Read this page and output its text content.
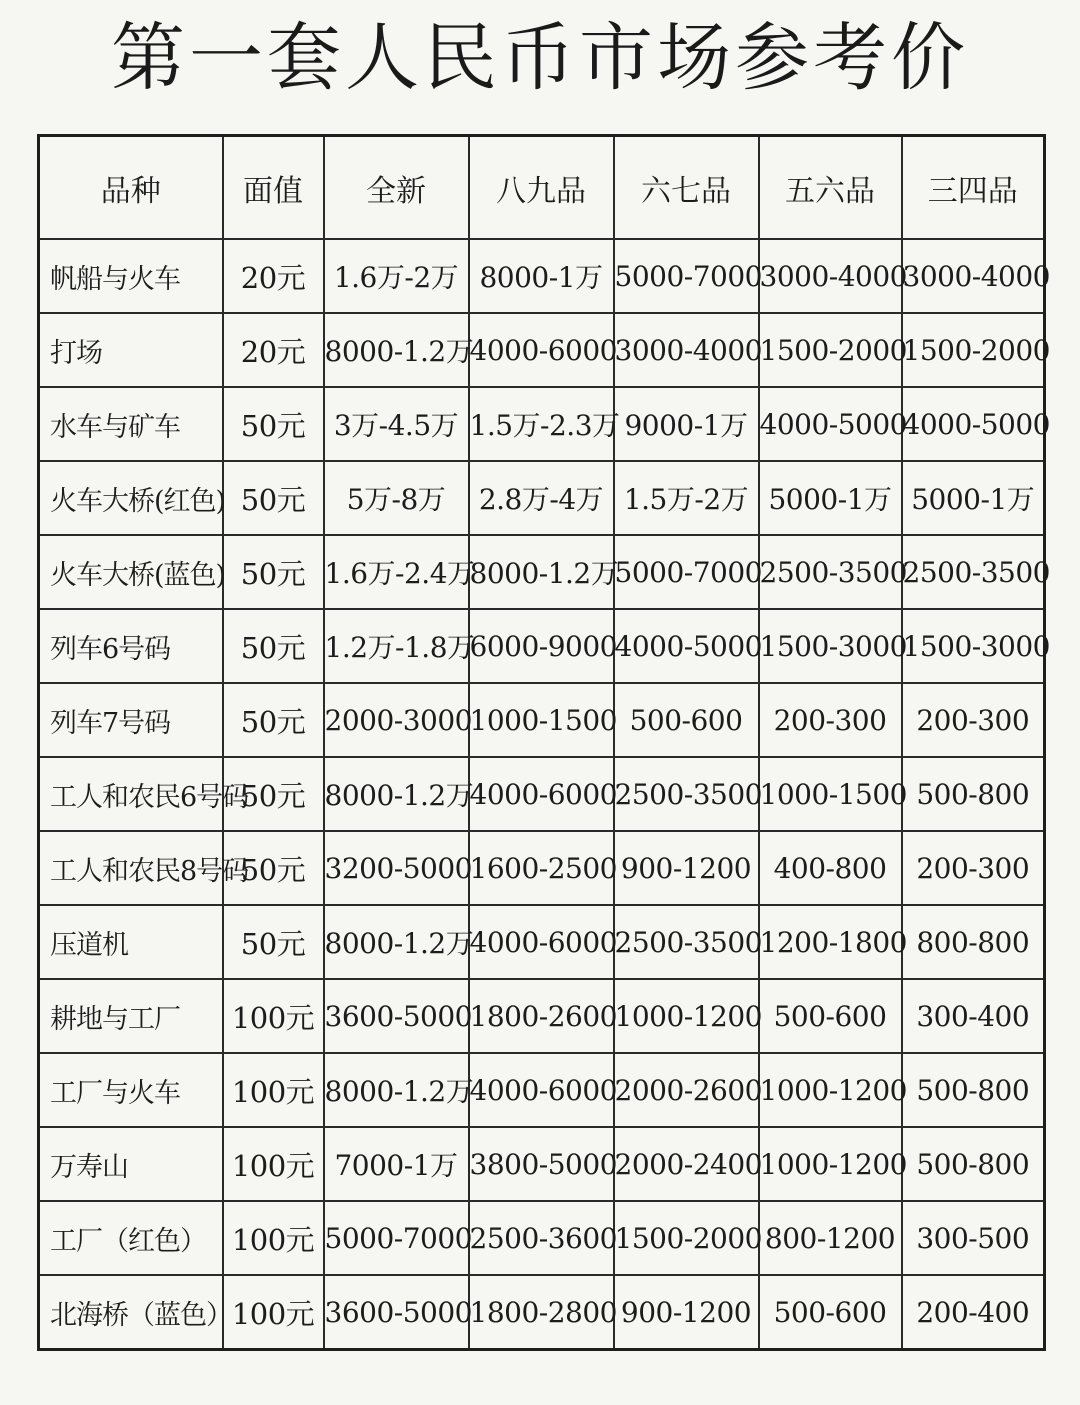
第一套人民币市场参考价
品种	面值	全新	八九品	六七品	五六品	三四品
帆船与火车	20元	1.6万-2万	8000-1万	5000-7000	3000-4000	3000-4000
打场	20元	8000-1.2万	4000-6000	3000-4000	1500-2000	1500-2000
水车与矿车	50元	3万-4.5万	1.5万-2.3万	9000-1万	4000-5000	4000-5000
火车大桥(红色)	50元	5万-8万	2.8万-4万	1.5万-2万	5000-1万	5000-1万
火车大桥(蓝色)	50元	1.6万-2.4万	8000-1.2万	5000-7000	2500-3500	2500-3500
列车6号码	50元	1.2万-1.8万	6000-9000	4000-5000	1500-3000	1500-3000
列车7号码	50元	2000-3000	1000-1500	500-600	200-300	200-300
工人和农民6号码	50元	8000-1.2万	4000-6000	2500-3500	1000-1500	500-800
工人和农民8号码	50元	3200-5000	1600-2500	900-1200	400-800	200-300
压道机	50元	8000-1.2万	4000-6000	2500-3500	1200-1800	800-800
耕地与工厂	100元	3600-5000	1800-2600	1000-1200	500-600	300-400
工厂与火车	100元	8000-1.2万	4000-6000	2000-2600	1000-1200	500-800
万寿山	100元	7000-1万	3800-5000	2000-2400	1000-1200	500-800
工厂（红色）	100元	5000-7000	2500-3600	1500-2000	800-1200	300-500
北海桥（蓝色）	100元	3600-5000	1800-2800	900-1200	500-600	200-400
